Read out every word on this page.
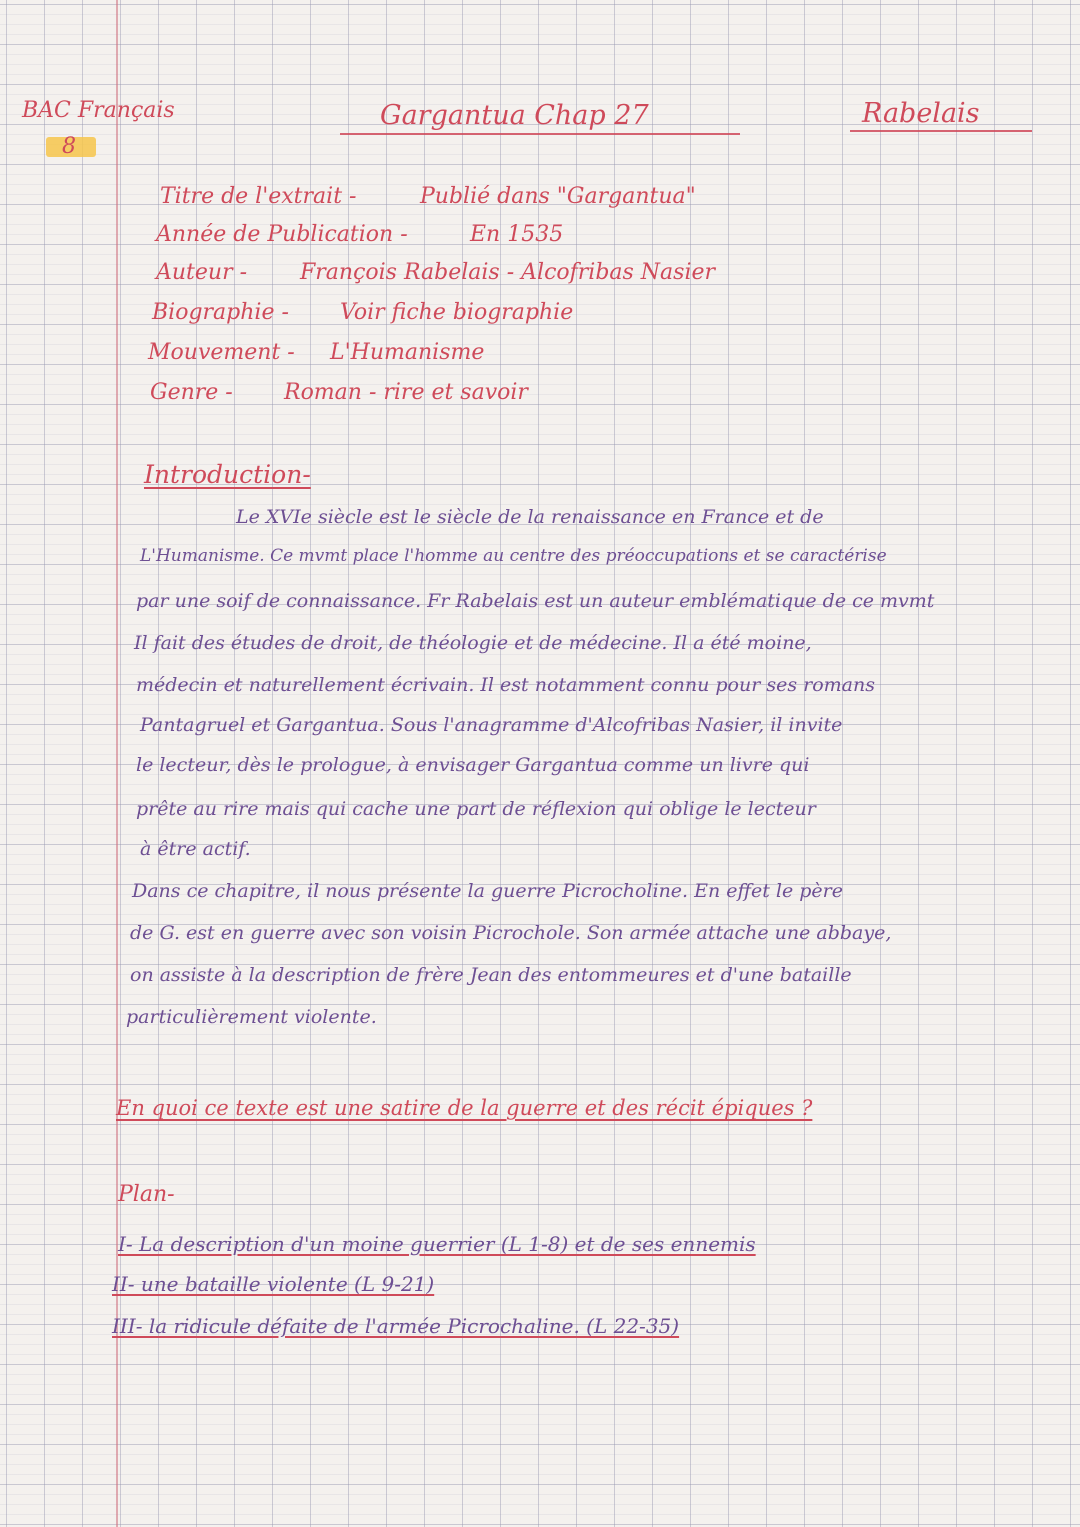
BAC Français
8
Gargantua Chap 27	Rabelais
Titre de l'extrait -	Publié dans "Gargantua"
Année de Publication -	En 1535
Auteur - François Rabelais - Alcofribas Nasier
Biographie - Voir fiche biographie
Mouvement - L'Humanisme
Genre - Roman - rire et savoir
Introduction-
Le XVIe siècle est le siècle de la renaissance en France et de
L'Humanisme. Ce mvmt place l'homme au centre des préoccupations et se caractérise
par une soif de connaissance. Fr Rabelais est un auteur emblématique de ce mvmt
Il fait des études de droit, de théologie et de médecine. Il a été moine,
médecin et naturellement écrivain. Il est notamment connu pour ses romans
Pantagruel et Gargantua. Sous l'anagramme d'Alcofribas Nasier, il invite
le lecteur, dès le prologue, à envisager Gargantua comme un livre qui
prête au rire mais qui cache une part de réflexion qui oblige le lecteur
à être actif.
Dans ce chapitre, il nous présente la guerre Picrocholine. En effet le père
de G. est en guerre avec son voisin Picrochole. Son armée attache une abbaye,
on assiste à la description de frère Jean des entommeures et d'une bataille
particulièrement violente.
En quoi ce texte est une satire de la guerre et des récit épiques ?
Plan-
I- La description d'un moine guerrier (L 1-8) et de ses ennemis
II- une bataille violente (L 9-21)
III- la ridicule défaite de l'armée Picrochaline. (L 22-35)
